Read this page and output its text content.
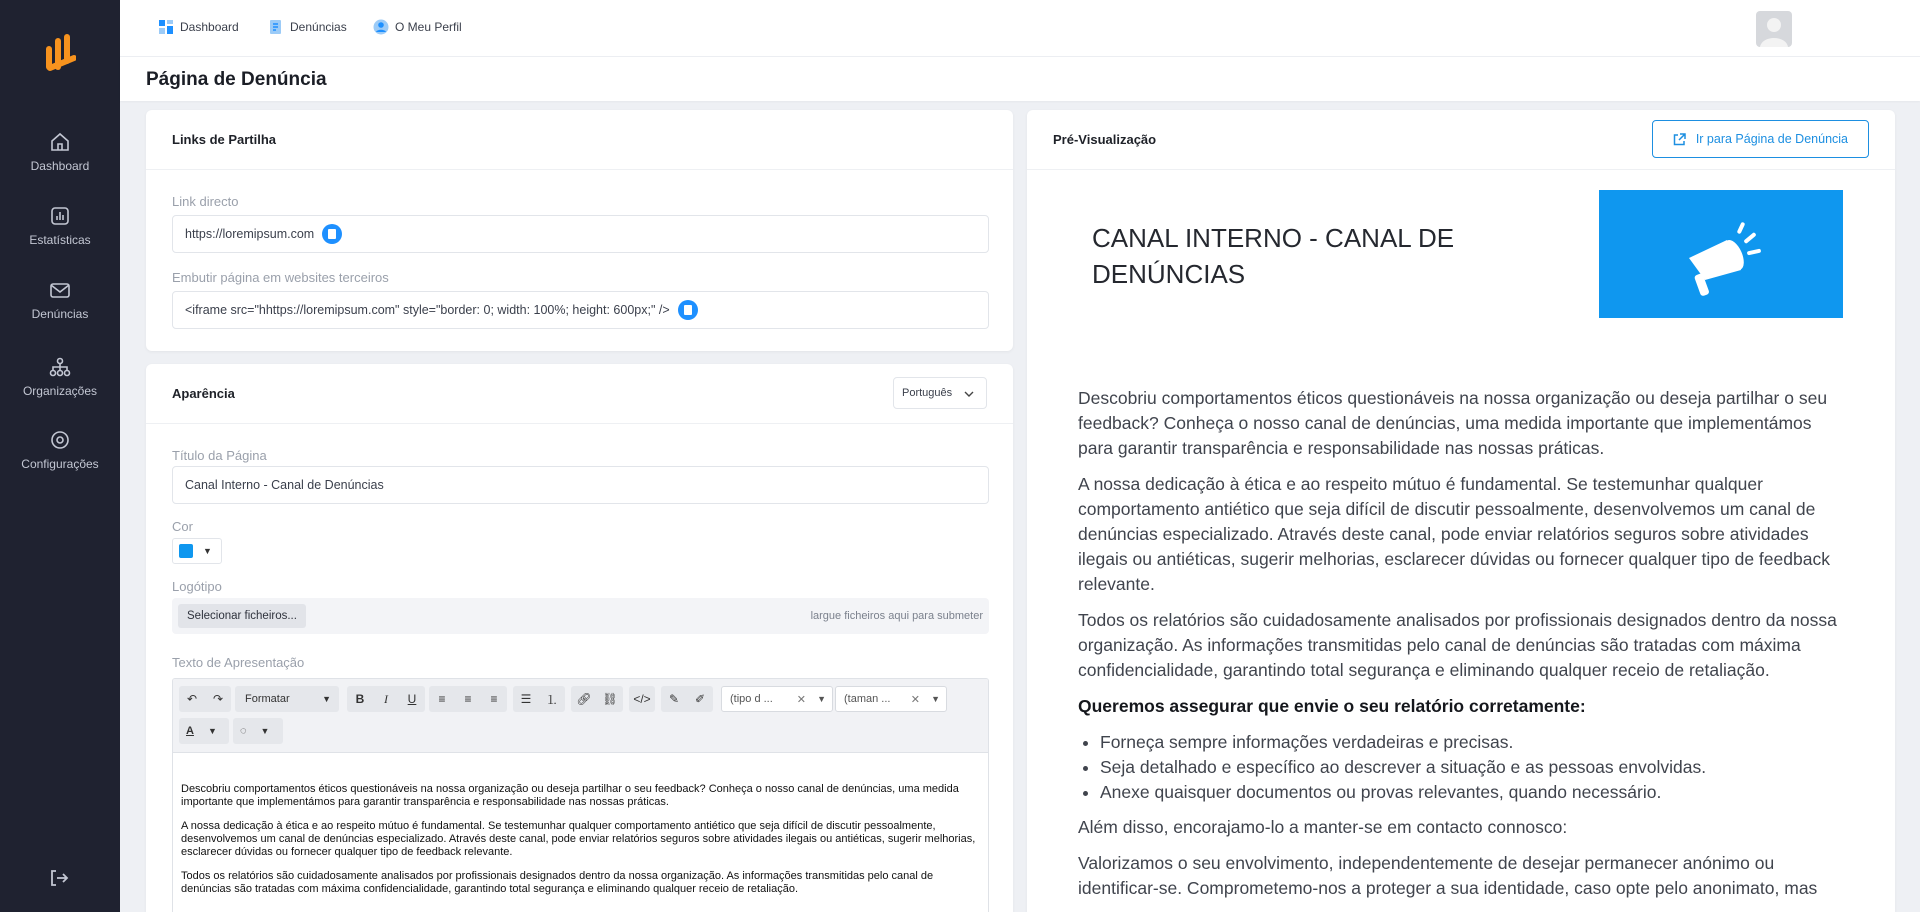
Dashboard
Estatísticas
Denúncias
Organizações
Configurações
Dashboard	Denúncias	O Meu Perfil
Página de Denúncia
Links de Partilha
Link directo
https://loremipsum.com
Embutir página em websites terceiros
<iframe src="hhttps://loremipsum.com" style="border: 0; width: 100%; height: 600px;" />
Aparência	Português
Título da Página
Canal Interno - Canal de Denúncias
Cor
▼
Logótipo
Selecionar ficheiros...	largue ficheiros aqui para submeter
Texto de Apresentação
↶	↷	Formatar	▼	B	I	U	≡	≡	≡	☰	⒈	🔗︎ ⛓︎	</>	✎	✐	(tipo d ... ✕ ▼ (taman ... ✕ ▼
A ▼ ◌ ▼

Descobriu comportamentos éticos questionáveis na nossa organização ou deseja partilhar o seu feedback? Conheça o nosso canal de denúncias, uma medida importante que implementámos para garantir transparência e responsabilidade nas nossas práticas.

A nossa dedicação à ética e ao respeito mútuo é fundamental. Se testemunhar qualquer comportamento antiético que seja difícil de discutir pessoalmente, desenvolvemos um canal de denúncias especializado. Através deste canal, pode enviar relatórios seguros sobre atividades ilegais ou antiéticas, sugerir melhorias, esclarecer dúvidas ou fornecer qualquer tipo de feedback relevante.

Todos os relatórios são cuidadosamente analisados por profissionais designados dentro da nossa organização. As informações transmitidas pelo canal de denúncias são tratadas com máxima confidencialidade, garantindo total segurança e eliminando qualquer receio de retaliação.

Pré-Visualização	Ir para Página de Denúncia
CANAL INTERNO - CANAL DE DENÚNCIAS

Descobriu comportamentos éticos questionáveis na nossa organização ou deseja partilhar o seu feedback? Conheça o nosso canal de denúncias, uma medida importante que implementámos para garantir transparência e responsabilidade nas nossas práticas.

A nossa dedicação à ética e ao respeito mútuo é fundamental. Se testemunhar qualquer comportamento antiético que seja difícil de discutir pessoalmente, desenvolvemos um canal de denúncias especializado. Através deste canal, pode enviar relatórios seguros sobre atividades ilegais ou antiéticas, sugerir melhorias, esclarecer dúvidas ou fornecer qualquer tipo de feedback relevante.

Todos os relatórios são cuidadosamente analisados por profissionais designados dentro da nossa organização. As informações transmitidas pelo canal de denúncias são tratadas com máxima confidencialidade, garantindo total segurança e eliminando qualquer receio de retaliação.

Queremos assegurar que envie o seu relatório corretamente:

• Forneça sempre informações verdadeiras e precisas.
• Seja detalhado e específico ao descrever a situação e as pessoas envolvidas.
• Anexe quaisquer documentos ou provas relevantes, quando necessário.

Além disso, encorajamo-lo a manter-se em contacto connosco:

Valorizamos o seu envolvimento, independentemente de desejar permanecer anónimo ou identificar-se. Comprometemo-nos a proteger a sua identidade, caso opte pelo anonimato, mas
